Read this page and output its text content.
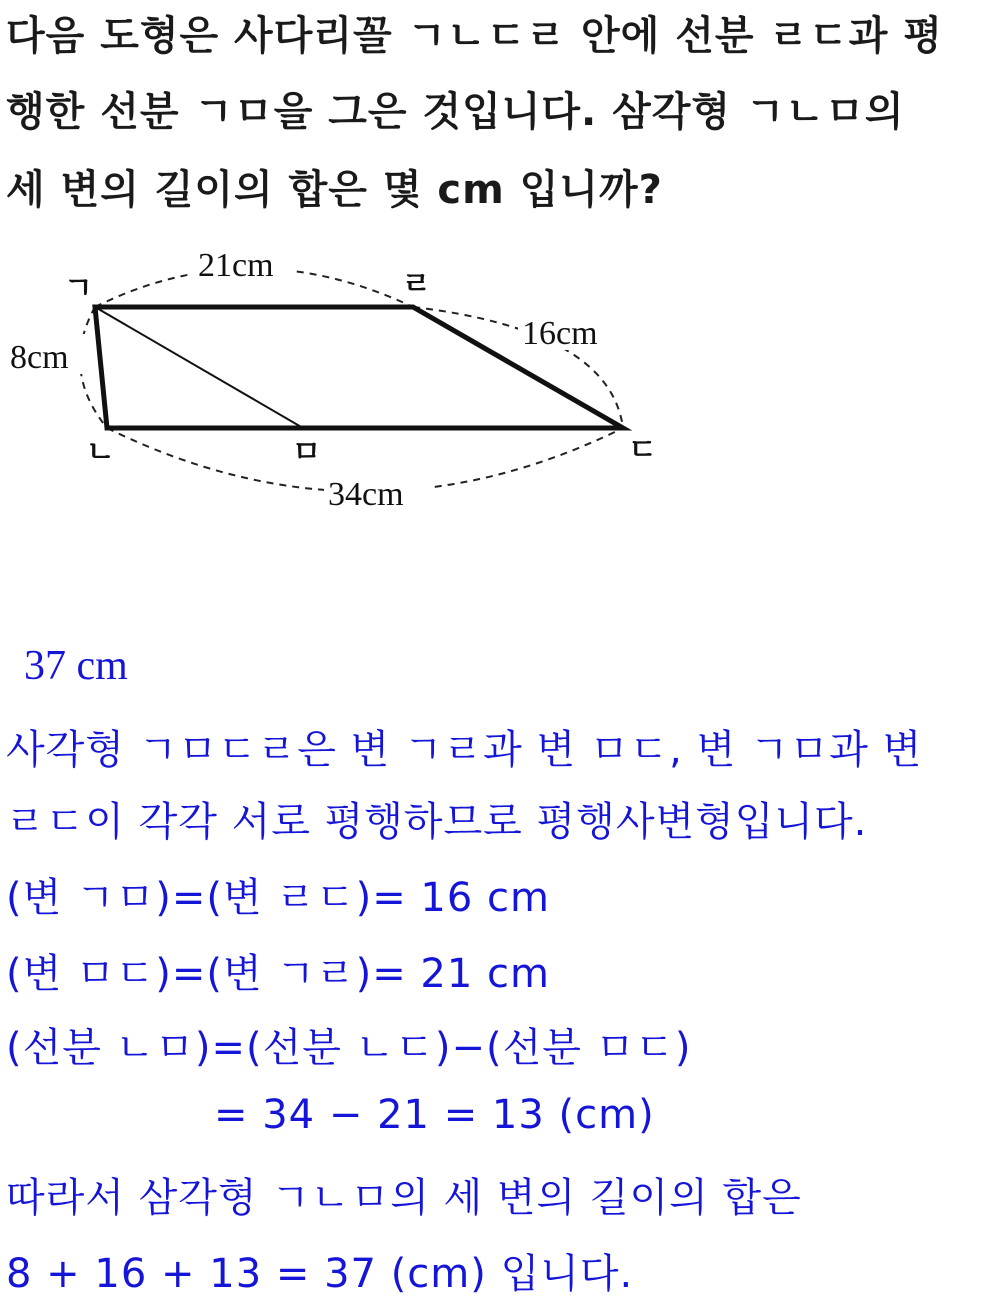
다음 도형은 사다리꼴 ㄱㄴㄷㄹ 안에 선분 ㄹㄷ과 평
행한 선분 ㄱㅁ을 그은 것입니다. 삼각형 ㄱㄴㅁ의
세 변의 길이의 합은 몇 cm 입니까?
ㄱ	ㄹ
ㄴ	ㅁ	ㄷ
21cm
16cm
8cm
34cm
37 cm
사각형 ㄱㅁㄷㄹ은 변 ㄱㄹ과 변 ㅁㄷ, 변 ㄱㅁ과 변
ㄹㄷ이 각각 서로 평행하므로 평행사변형입니다.
(변 ㄱㅁ)=(변 ㄹㄷ)= 16 cm
(변 ㅁㄷ)=(변 ㄱㄹ)= 21 cm
(선분 ㄴㅁ)=(선분 ㄴㄷ)−(선분 ㅁㄷ)
= 34 − 21 = 13 (cm)
따라서 삼각형 ㄱㄴㅁ의 세 변의 길이의 합은
8 + 16 + 13 = 37 (cm) 입니다.
